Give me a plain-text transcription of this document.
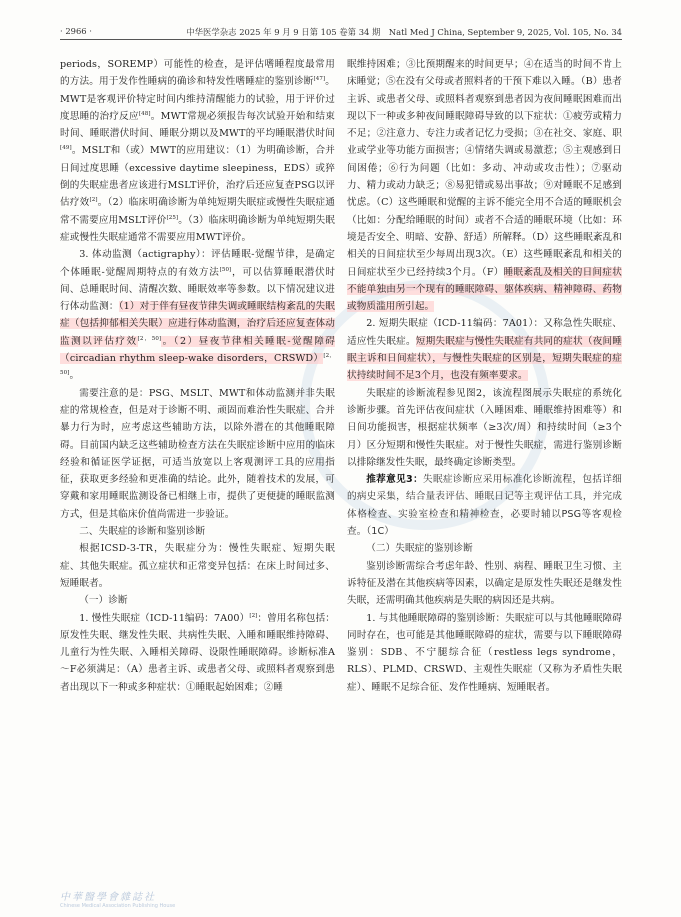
· 2966 ·	中华医学杂志 2025 年 9 月 9 日第 105 卷第 34 期　Natl Med J China, September 9, 2025, Vol. 105, No. 34

periods，SOREMP）可能性的检查，是评估嗜睡程度最常用的方法。用于发作性睡病的确诊和特发性嗜睡症的鉴别诊断[47]。MWT是客观评价特定时间内维持清醒能力的试验，用于评价过度思睡的治疗反应[48]。MWT常规必须报告每次试验开始和结束时间、睡眠潜伏时间、睡眠分期以及MWT的平均睡眠潜伏时间[49]。MSLT和（或）MWT的应用建议：（1）为明确诊断，合并日间过度思睡（excessive daytime sleepiness，EDS）或猝倒的失眠症患者应该进行MSLT评价，治疗后还应复查PSG以评估疗效[2]。（2）临床明确诊断为单纯短期失眠症或慢性失眠症通常不需要应用MSLT评价[25]。（3）临床明确诊断为单纯短期失眠症或慢性失眠症通常不需要应用MWT评价。

3. 体动监测（actigraphy）：评估睡眠-觉醒节律，是确定个体睡眠-觉醒周期特点的有效方法[50]，可以估算睡眠潜伏时间、总睡眠时间、清醒次数、睡眠效率等参数。以下情况建议进行体动监测：（1）对于伴有昼夜节律失调或睡眠结构紊乱的失眠症（包括抑郁相关失眠）应进行体动监测，治疗后还应复查体动监测以评估疗效[2，50]。（2）昼夜节律相关睡眠-觉醒障碍（circadian rhythm sleep-wake disorders，CRSWD）[2，50]。

需要注意的是：PSG、MSLT、MWT和体动监测并非失眠症的常规检查，但是对于诊断不明、顽固而难治性失眠症、合并暴力行为时，应考虑这些辅助方法，以除外潜在的其他睡眠障碍。目前国内缺乏这些辅助检查方法在失眠症诊断中应用的临床经验和循证医学证据，可适当放宽以上客观测评工具的应用指征，获取更多经验和更准确的结论。此外，随着技术的发展，可穿戴和家用睡眠监测设备已相继上市，提供了更便捷的睡眠监测方式，但是其临床价值尚需进一步验证。

二、失眠症的诊断和鉴别诊断

根据ICSD-3-TR，失眠症分为：慢性失眠症、短期失眠症、其他失眠症。孤立症状和正常变异包括：在床上时间过多、短睡眠者。

（一）诊断

1. 慢性失眠症（ICD-11编码：7A00）[2]：曾用名称包括：原发性失眠、继发性失眠、共病性失眠、入睡和睡眠维持障碍、儿童行为性失眠、入睡相关障碍、设限性睡眠障碍。诊断标准A～F必须满足：（A）患者主诉、或患者父母、或照料者观察到患者出现以下一种或多种症状：①睡眠起始困难；②睡

眠维持困难；③比预期醒来的时间更早；④在适当的时间不肯上床睡觉；⑤在没有父母或者照料者的干预下难以入睡。（B）患者主诉、或患者父母、或照料者观察到患者因为夜间睡眠困难而出现以下一种或多种夜间睡眠障碍导致的以下症状：①疲劳或精力不足；②注意力、专注力或者记忆力受损；③在社交、家庭、职业或学业等功能方面损害；④情绪失调或易激惹；⑤主观感到日间困倦；⑥行为问题（比如：多动、冲动或攻击性）；⑦驱动力、精力或动力缺乏；⑧易犯错或易出事故；⑨对睡眠不足感到忧虑。（C）这些睡眠和觉醒的主诉不能完全用不合适的睡眠机会（比如：分配给睡眠的时间）或者不合适的睡眠环境（比如：环境是否安全、明暗、安静、舒适）所解释。（D）这些睡眠紊乱和相关的日间症状至少每周出现3次。（E）这些睡眠紊乱和相关的日间症状至少已经持续3个月。（F）睡眠紊乱及相关的日间症状不能单独由另一个现有的睡眠障碍、躯体疾病、精神障碍、药物或物质滥用所引起。

2. 短期失眠症（ICD-11编码：7A01）：又称急性失眠症、适应性失眠症。短期失眠症与慢性失眠症有共同的症状（夜间睡眠主诉和日间症状），与慢性失眠症的区别是，短期失眠症的症状持续时间不足3个月，也没有频率要求。

失眠症的诊断流程参见图2，该流程图展示失眠症的系统化诊断步骤。首先评估夜间症状（入睡困难、睡眠维持困难等）和日间功能损害，根据症状频率（≥3次/周）和持续时间（≥3个月）区分短期和慢性失眠症。对于慢性失眠症，需进行鉴别诊断以排除继发性失眠，最终确定诊断类型。

推荐意见3：失眠症诊断应采用标准化诊断流程，包括详细的病史采集，结合量表评估、睡眠日记等主观评估工具，并完成体格检查、实验室检查和精神检查，必要时辅以PSG等客观检查。（1C）

（二）失眠症的鉴别诊断

鉴别诊断需综合考虑年龄、性别、病程、睡眠卫生习惯、主诉特征及潜在其他疾病等因素，以确定是原发性失眠还是继发性失眠，还需明确其他疾病是失眠的病因还是共病。

1. 与其他睡眠障碍的鉴别诊断：失眠症可以与其他睡眠障碍同时存在，也可能是其他睡眠障碍的症状，需要与以下睡眠障碍鉴别：SDB、不宁腿综合征（restless legs syndrome，RLS）、PLMD、CRSWD、主观性失眠症（又称为矛盾性失眠症）、睡眠不足综合征、发作性睡病、短睡眠者。

中華醫學會雜誌社
Chinese Medical Association Publishing House
